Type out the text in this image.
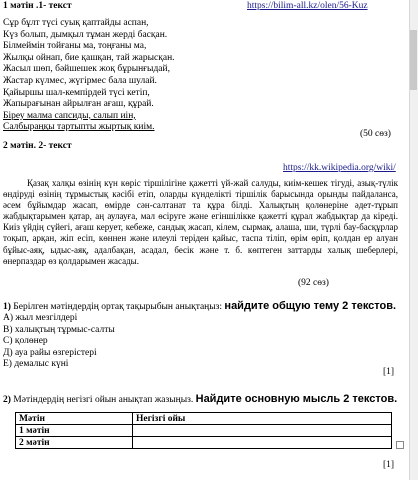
1 мәтін .1- текст	https://bilim-all.kz/olen/56-Kuz
Сұр бұлт түсі суық қаптайды аспан,
Күз болып, дымқыл тұман жерді басқан.
Білмеймін тойғаны ма, тоңғаны ма,
Жылқы ойнап, бие қашқан, тай жарысқан.
Жасыл шөп, бәйшешек жоқ бұрынғыдай,
Жастар күлмес, жүгірмес бала шулай.
Қайыршы шал-кемпірдей түсі кетіп,
Жапырағынан айрылған ағаш, құрай.
Біреу малма сапсиды, салып иін,
Салбыраңқы тартыпты жыртық киім.
(50 сөз)
2 мәтін. 2- текст
https://kk.wikipedia.org/wiki/
Қазақ халқы өзінің күн көріс тіршілігіне қажетті үй-жай салуды, киім-кешек тігуді, азық-түлік өндіруді өзінің тұрмыстық кәсібі етіп, оларды күнделікті тіршілік барысында орынды пайдаланса, әсем бұйымдар жасап, өмірде сән-салтанат та құра білді. Халықтың қолөнеріне әдет-тұрып жабдықтарымен қатар, аң аулауға, мал өсіруге және егіншілікке қажетті құрал жабдықтар да кіреді. Киіз үйдің сүйегі, ағаш керует, кебеже, сандық жасап, кілем, сырмақ, алаша, ши, түрлі бау-басқұрлар тоқып, арқан, жіп есіп, көннен және илеулі теріден қайыс, таспа тіліп, өрім өріп, қолдан ер алуан бұйыс-аяқ, ыдыс-аяқ, адалбақан, асадал, бесік және т. б. көптеген заттарды халық шеберлері, өнерпаздар өз қолдарымен жасады.
(92 сөз)
1) Берілген мәтіндердің ортақ тақырыбын анықтаңыз: найдите общую тему 2 текстов.
А) жыл мезгілдері
В) халықтың тұрмыс-салты
С) қолөнер
Д) ауа райы өзгерістері
Е) демалыс күні
[1]
2) Мәтіндердің негізгі ойын анықтап жазыңыз. Найдите основную мысль 2 текстов.
Мәтін	Негізгі ойы
1 мәтін	
2 мәтін	
[1]
